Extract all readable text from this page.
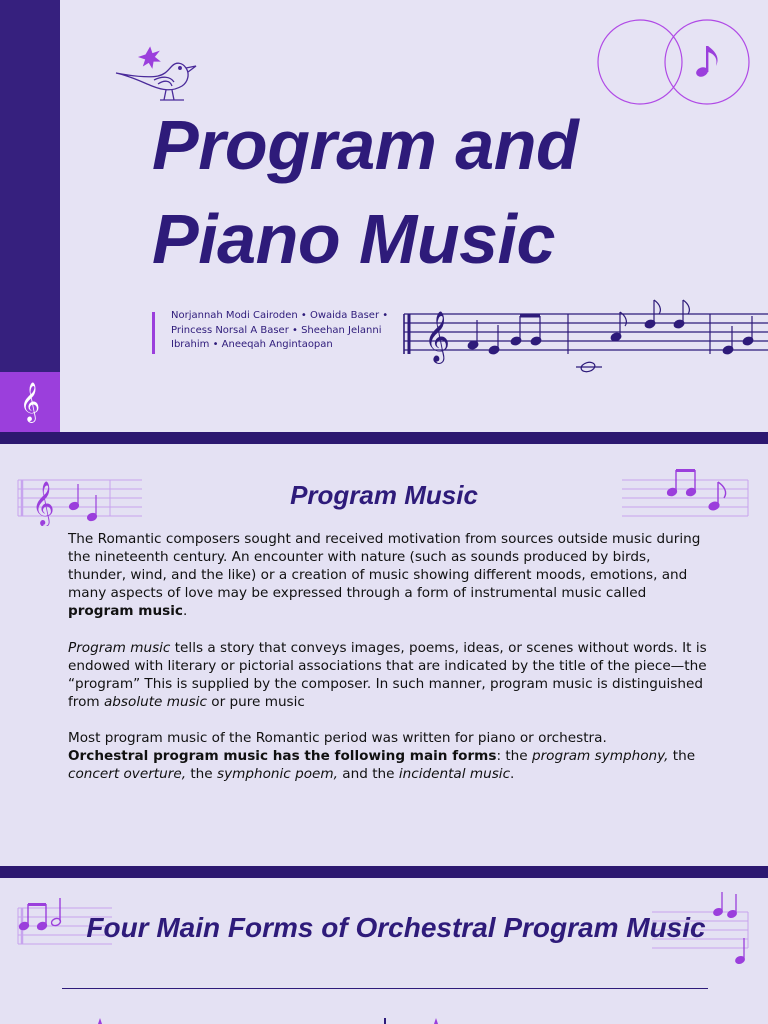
𝄞
Program and
Piano Music
Norjannah Modi Cairoden • Owaida Baser • Princess Norsal A Baser • Sheehan Jelanni Ibrahim • Aneeqah Angintaopan	𝄞
𝄞	Program Music
The Romantic composers sought and received motivation from sources outside music during the nineteenth century. An encounter with nature (such as sounds produced by birds, thunder, wind, and the like) or a creation of music showing different moods, emotions, and many aspects of love may be expressed through a form of instrumental music called program music.
Program music tells a story that conveys images, poems, ideas, or scenes without words. It is endowed with literary or pictorial associations that are indicated by the title of the piece—the “program” This is supplied by the composer. In such manner, program music is distinguished from absolute music or pure music
Most program music of the Romantic period was written for piano or orchestra.
Orchestral program music has the following main forms: the program symphony, the concert overture, the symphonic poem, and the incidental music.
Four Main Forms of Orchestral Program Music
